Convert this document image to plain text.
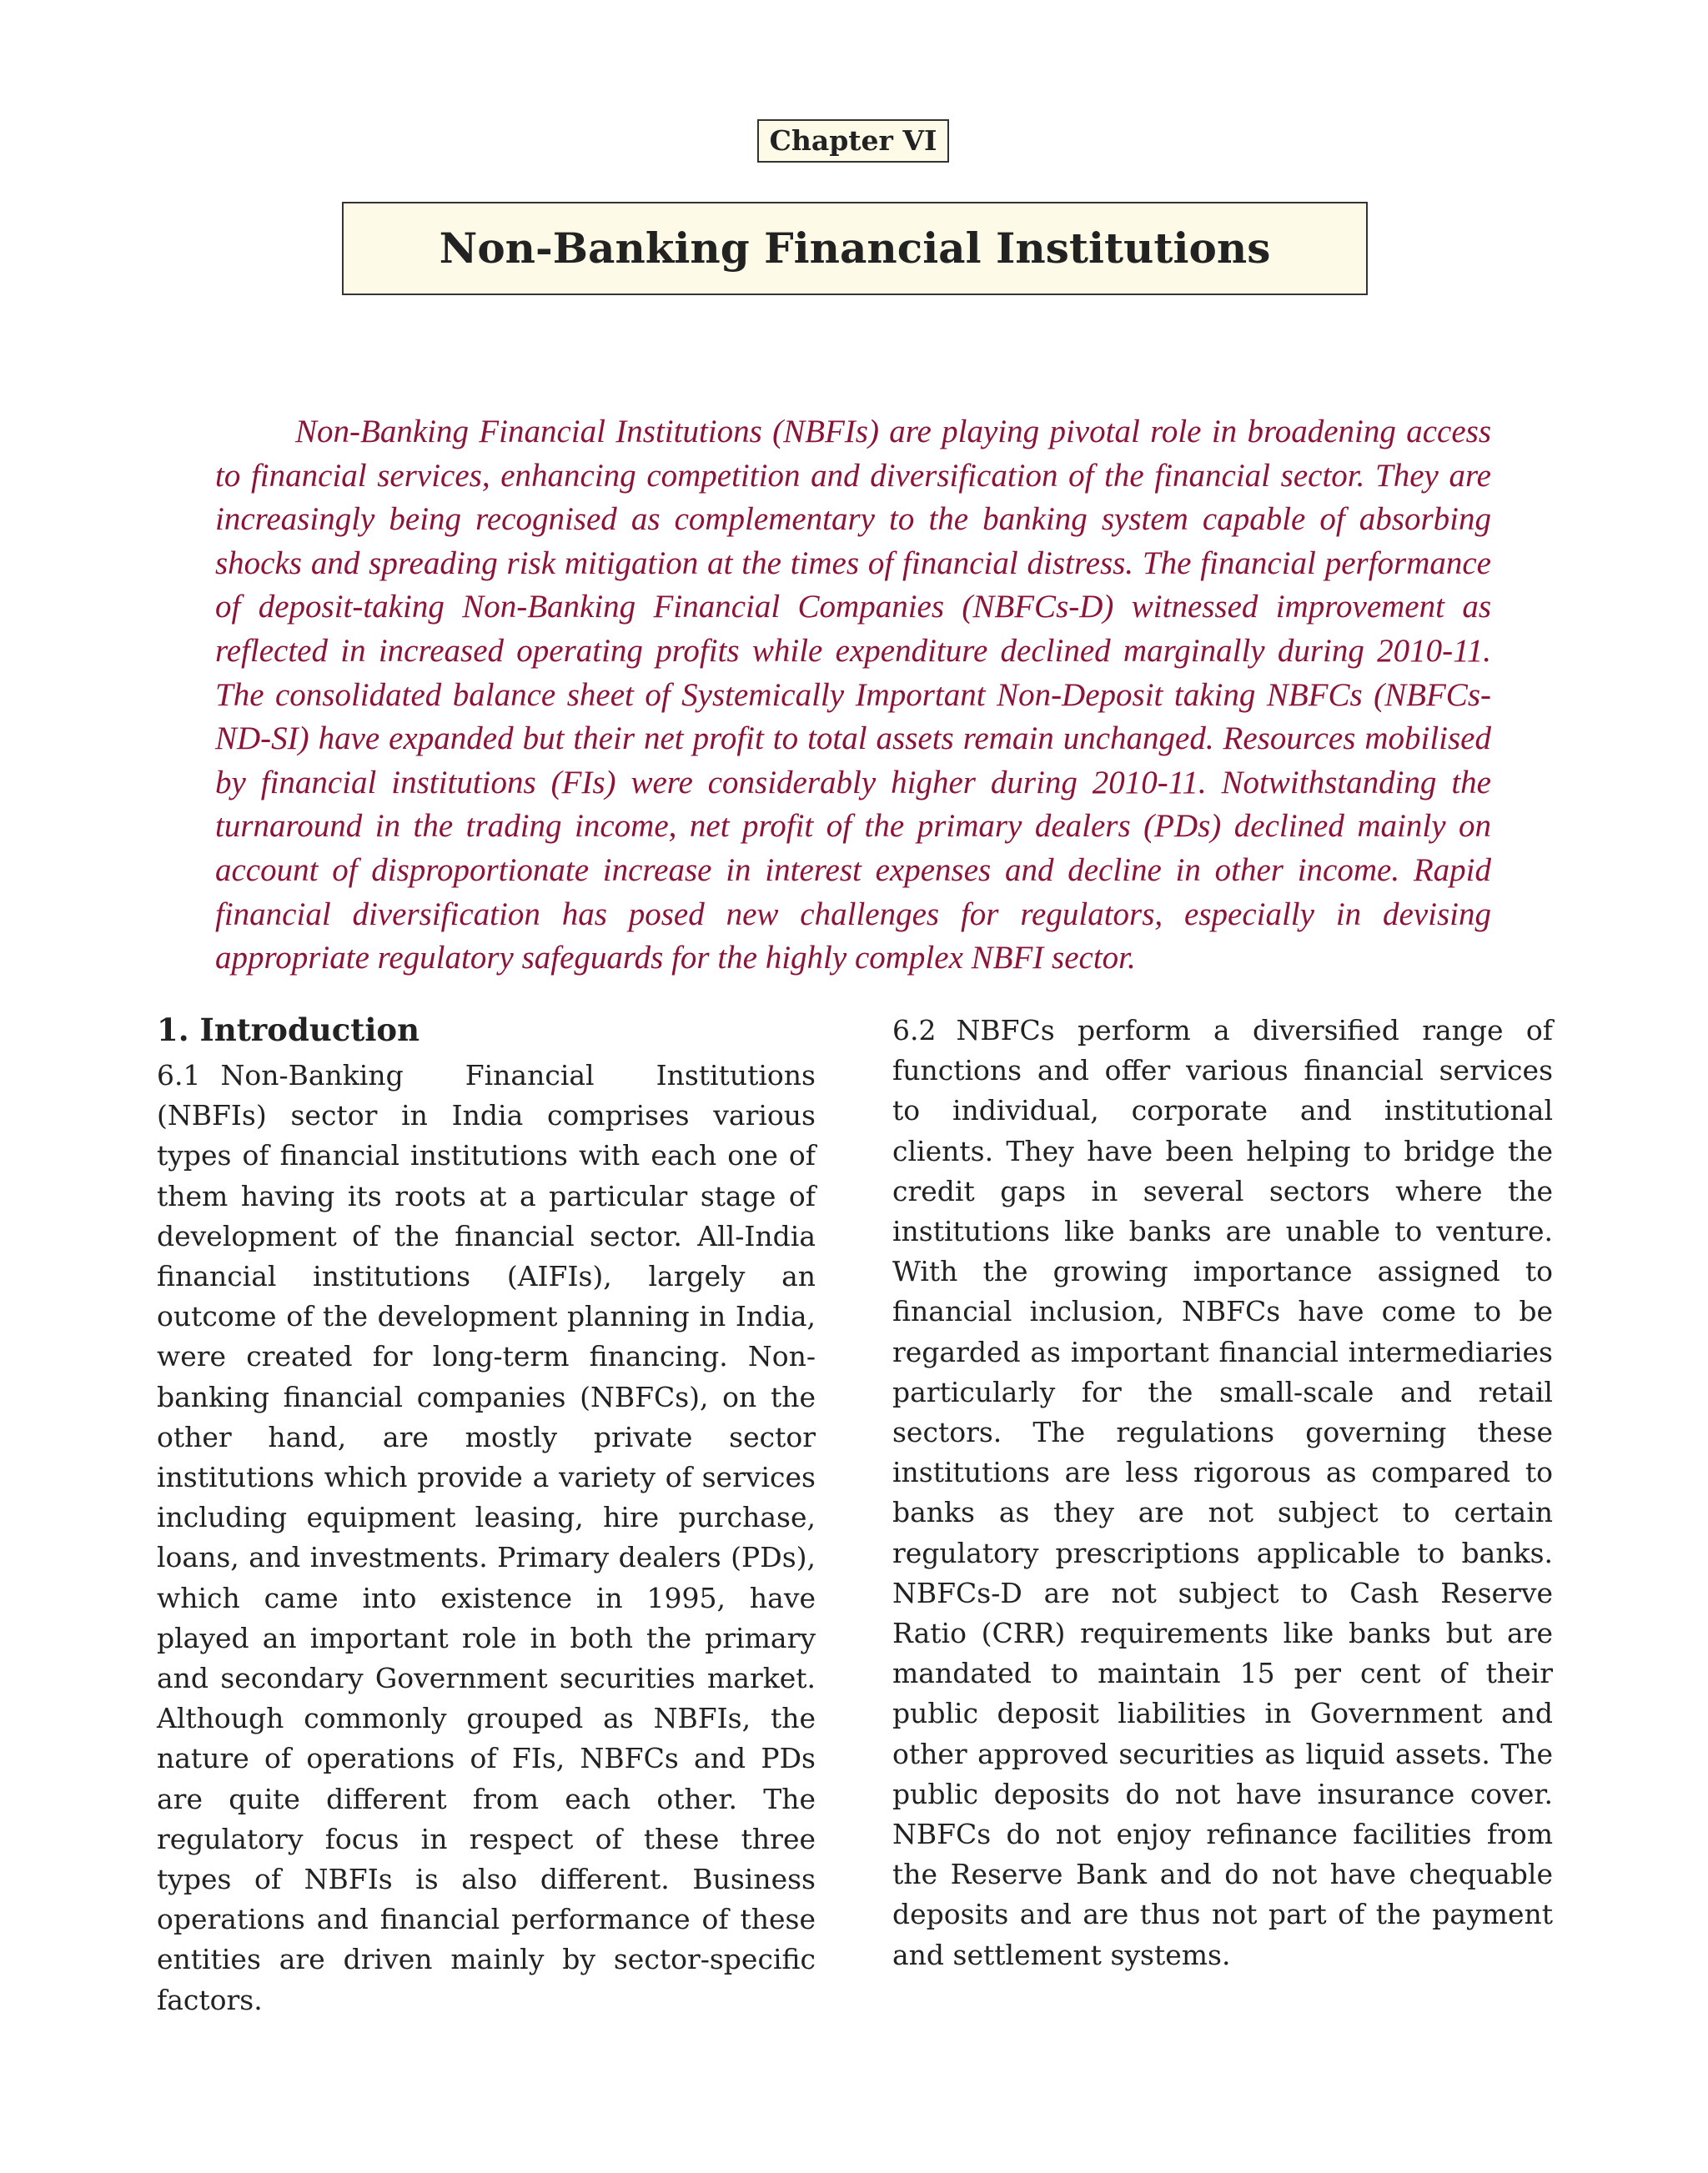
Chapter VI
Non-Banking Financial Institutions

Non-Banking Financial Institutions (NBFIs) are playing pivotal role in broadening access to financial services, enhancing competition and diversification of the financial sector. They are increasingly being recognised as complementary to the banking system capable of absorbing shocks and spreading risk mitigation at the times of financial distress. The financial performance of deposit-taking Non-Banking Financial Companies (NBFCs-D) witnessed improvement as reflected in increased operating profits while expenditure declined marginally during 2010-11. The consolidated balance sheet of Systemically Important Non-Deposit taking NBFCs (NBFCs-ND-SI) have expanded but their net profit to total assets remain unchanged. Resources mobilised by financial institutions (FIs) were considerably higher during 2010-11. Notwithstanding the turnaround in the trading income, net profit of the primary dealers (PDs) declined mainly on account of disproportionate increase in interest expenses and decline in other income. Rapid financial diversification has posed new challenges for regulators, especially in devising appropriate regulatory safeguards for the highly complex NBFI sector.

1. Introduction

6.1 Non-Banking Financial Institutions (NBFIs) sector in India comprises various types of financial institutions with each one of them having its roots at a particular stage of development of the financial sector. All-India financial institutions (AIFIs), largely an outcome of the development planning in India, were created for long-term financing. Non-banking financial companies (NBFCs), on the other hand, are mostly private sector institutions which provide a variety of services including equipment leasing, hire purchase, loans, and investments. Primary dealers (PDs), which came into existence in 1995, have played an important role in both the primary and secondary Government securities market. Although commonly grouped as NBFIs, the nature of operations of FIs, NBFCs and PDs are quite different from each other. The regulatory focus in respect of these three types of NBFIs is also different. Business operations and financial performance of these entities are driven mainly by sector-specific factors.

6.2 NBFCs perform a diversified range of functions and offer various financial services to individual, corporate and institutional clients. They have been helping to bridge the credit gaps in several sectors where the institutions like banks are unable to venture. With the growing importance assigned to financial inclusion, NBFCs have come to be regarded as important financial intermediaries particularly for the small-scale and retail sectors. The regulations governing these institutions are less rigorous as compared to banks as they are not subject to certain regulatory prescriptions applicable to banks. NBFCs-D are not subject to Cash Reserve Ratio (CRR) requirements like banks but are mandated to maintain 15 per cent of their public deposit liabilities in Government and other approved securities as liquid assets. The public deposits do not have insurance cover. NBFCs do not enjoy refinance facilities from the Reserve Bank and do not have chequable deposits and are thus not part of the payment and settlement systems.
